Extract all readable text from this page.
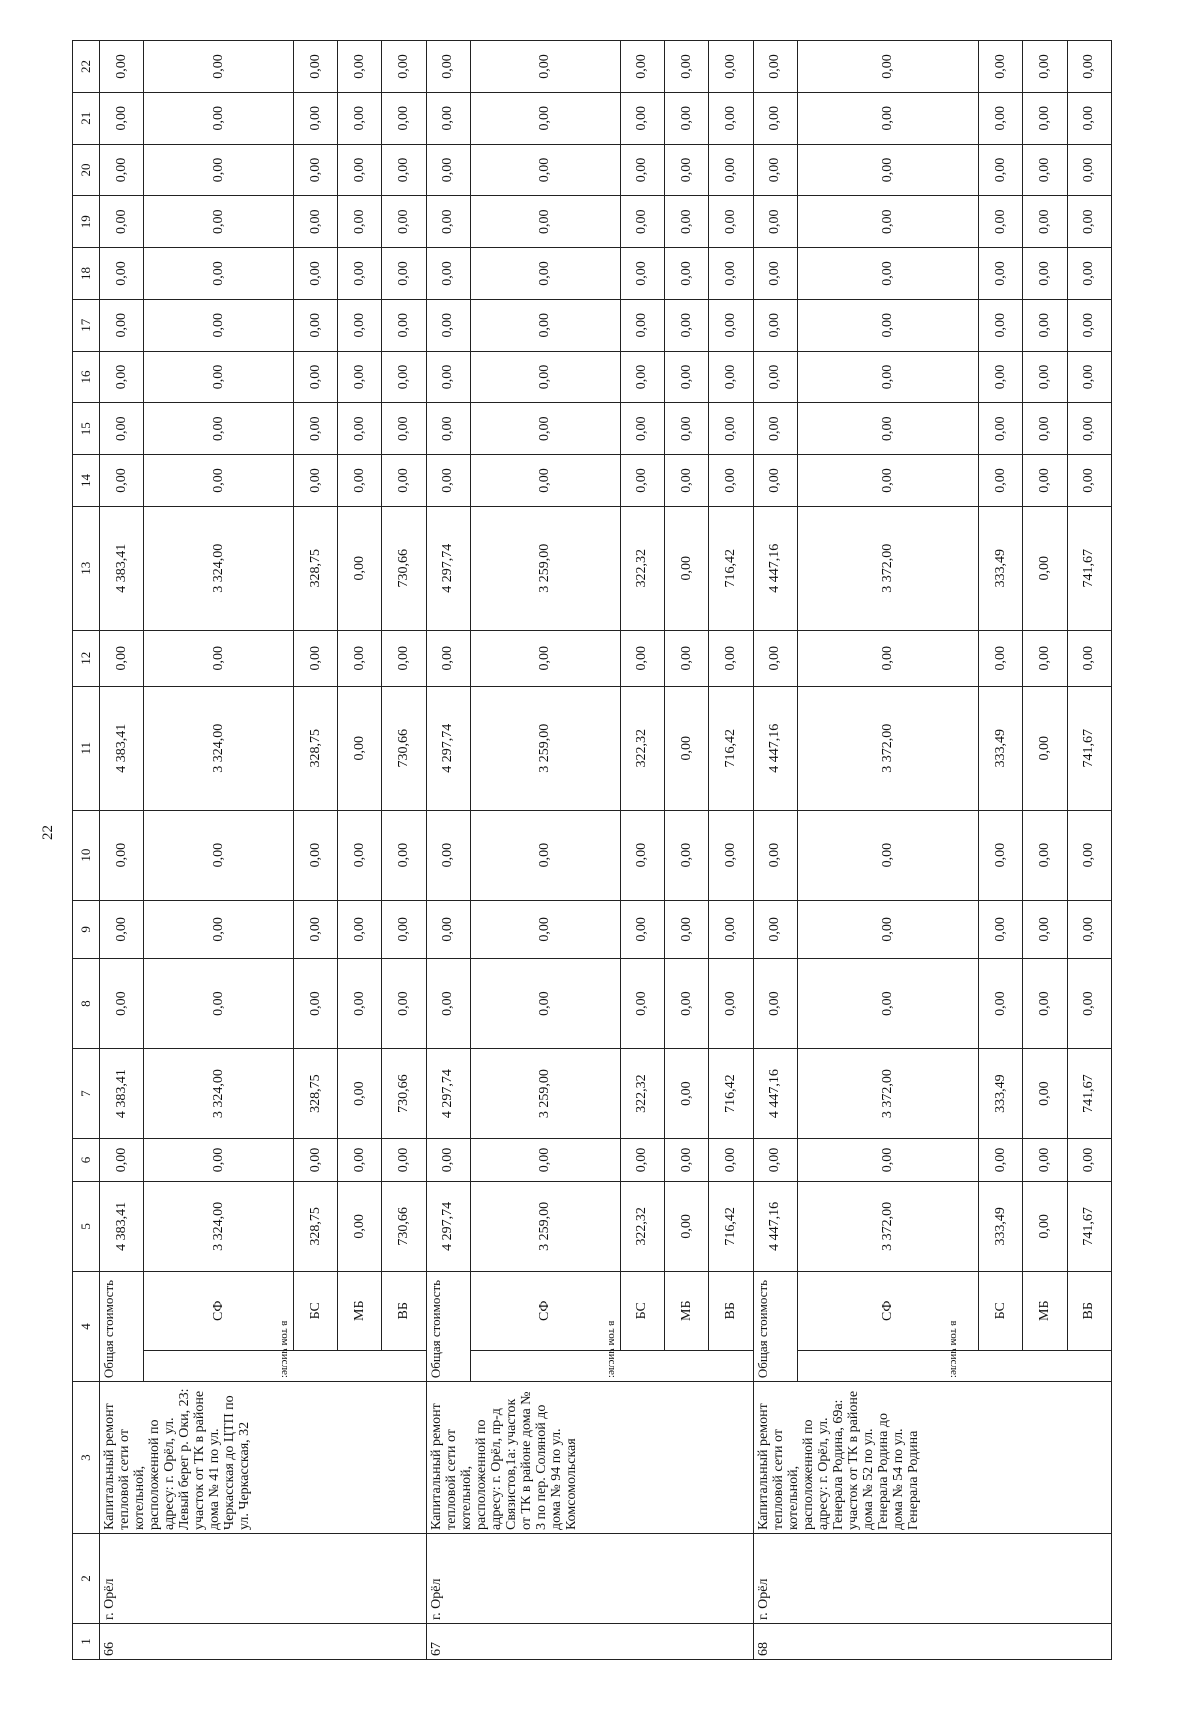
22
1	2	3	4		5	6	7	8	9	10	11	12	13	14	15	16	17	18	19	20	21	22
66	г. Орёл	Капитальный ремонт тепловой сети от котельной, расположенной по адресу: г. Орёл, ул. Левый берег р. Оки, 23: участок от ТК в районе дома № 41 по ул. Черкасская до ЦТП по ул. Черкасская, 32	Общая стоимость		4 383,41	0,00	4 383,41	0,00	0,00	0,00	4 383,41	0,00	4 383,41	0,00	0,00	0,00	0,00	0,00	0,00	0,00	0,00	0,00
			в том числе:	СФ	3 324,00	0,00	3 324,00	0,00	0,00	0,00	3 324,00	0,00	3 324,00	0,00	0,00	0,00	0,00	0,00	0,00	0,00	0,00	0,00
				БС	328,75	0,00	328,75	0,00	0,00	0,00	328,75	0,00	328,75	0,00	0,00	0,00	0,00	0,00	0,00	0,00	0,00	0,00
				МБ	0,00	0,00	0,00	0,00	0,00	0,00	0,00	0,00	0,00	0,00	0,00	0,00	0,00	0,00	0,00	0,00	0,00	0,00
				ВБ	730,66	0,00	730,66	0,00	0,00	0,00	730,66	0,00	730,66	0,00	0,00	0,00	0,00	0,00	0,00	0,00	0,00	0,00
67	г. Орёл	Капитальный ремонт тепловой сети от котельной, расположенной по адресу: г. Орёл, пр-д Связистов,1а: участок от ТК в районе дома № 3 по пер. Соляной до дома № 94 по ул. Комсомольская	Общая стоимость		4 297,74	0,00	4 297,74	0,00	0,00	0,00	4 297,74	0,00	4 297,74	0,00	0,00	0,00	0,00	0,00	0,00	0,00	0,00	0,00
			в том числе:	СФ	3 259,00	0,00	3 259,00	0,00	0,00	0,00	3 259,00	0,00	3 259,00	0,00	0,00	0,00	0,00	0,00	0,00	0,00	0,00	0,00
				БС	322,32	0,00	322,32	0,00	0,00	0,00	322,32	0,00	322,32	0,00	0,00	0,00	0,00	0,00	0,00	0,00	0,00	0,00
				МБ	0,00	0,00	0,00	0,00	0,00	0,00	0,00	0,00	0,00	0,00	0,00	0,00	0,00	0,00	0,00	0,00	0,00	0,00
				ВБ	716,42	0,00	716,42	0,00	0,00	0,00	716,42	0,00	716,42	0,00	0,00	0,00	0,00	0,00	0,00	0,00	0,00	0,00
68	г. Орёл	Капитальный ремонт тепловой сети от котельной, расположенной по адресу: г. Орёл, ул. Генерала Родина, 69а: участок от ТК в районе дома № 52 по ул. Генерала Родина до дома № 54 по ул. Генерала Родина	Общая стоимость		4 447,16	0,00	4 447,16	0,00	0,00	0,00	4 447,16	0,00	4 447,16	0,00	0,00	0,00	0,00	0,00	0,00	0,00	0,00	0,00
			в том числе:	СФ	3 372,00	0,00	3 372,00	0,00	0,00	0,00	3 372,00	0,00	3 372,00	0,00	0,00	0,00	0,00	0,00	0,00	0,00	0,00	0,00
				БС	333,49	0,00	333,49	0,00	0,00	0,00	333,49	0,00	333,49	0,00	0,00	0,00	0,00	0,00	0,00	0,00	0,00	0,00
				МБ	0,00	0,00	0,00	0,00	0,00	0,00	0,00	0,00	0,00	0,00	0,00	0,00	0,00	0,00	0,00	0,00	0,00	0,00
				ВБ	741,67	0,00	741,67	0,00	0,00	0,00	741,67	0,00	741,67	0,00	0,00	0,00	0,00	0,00	0,00	0,00	0,00	0,00
